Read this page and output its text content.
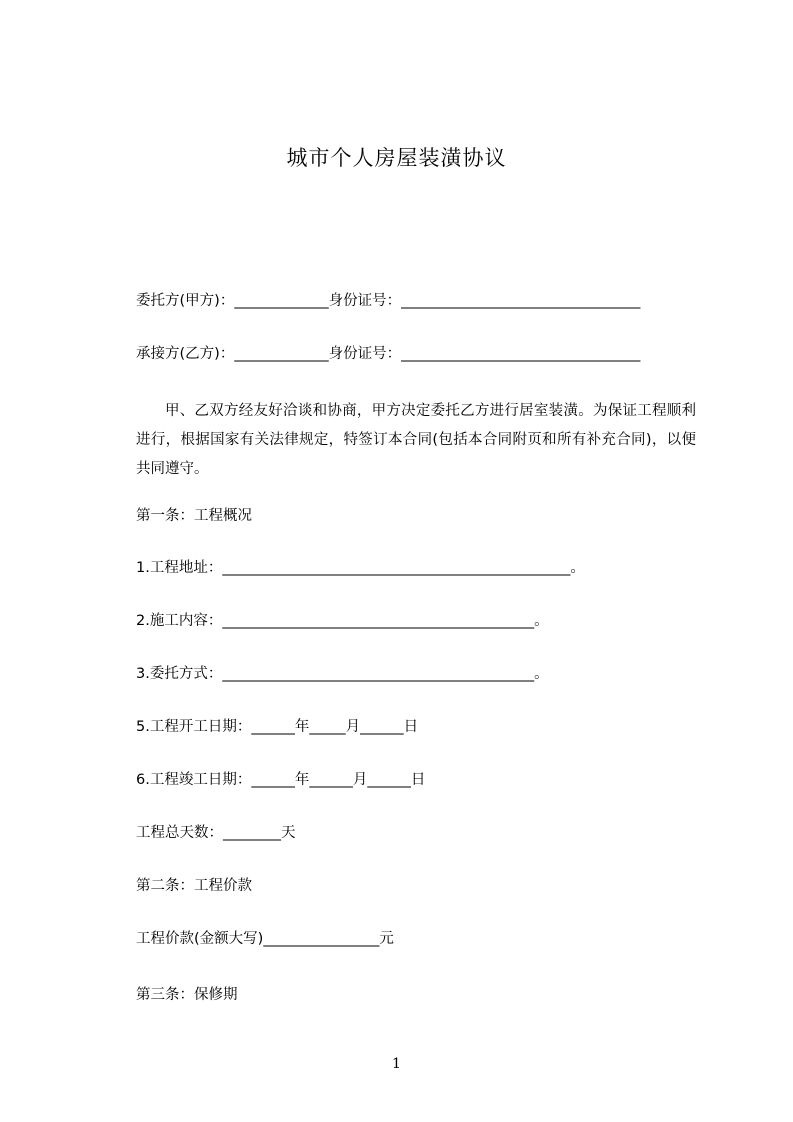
城市个人房屋装潢协议
委托方(甲方)：_____________身份证号：_________________________________
承接方(乙方)：_____________身份证号：_________________________________

甲、乙双方经友好洽谈和协商，甲方决定委托乙方进行居室装潢。为保证工程顺利进行，根据国家有关法律规定，特签订本合同(包括本合同附页和所有补充合同)，以便共同遵守。

第一条：工程概况
1.工程地址：________________________________________________。
2.施工内容：___________________________________________。
3.委托方式：___________________________________________。
5.工程开工日期：______年_____月______日
6.工程竣工日期：______年______月______日
工程总天数：________天
第二条：工程价款
工程价款(金额大写)________________元
第三条：保修期
1
